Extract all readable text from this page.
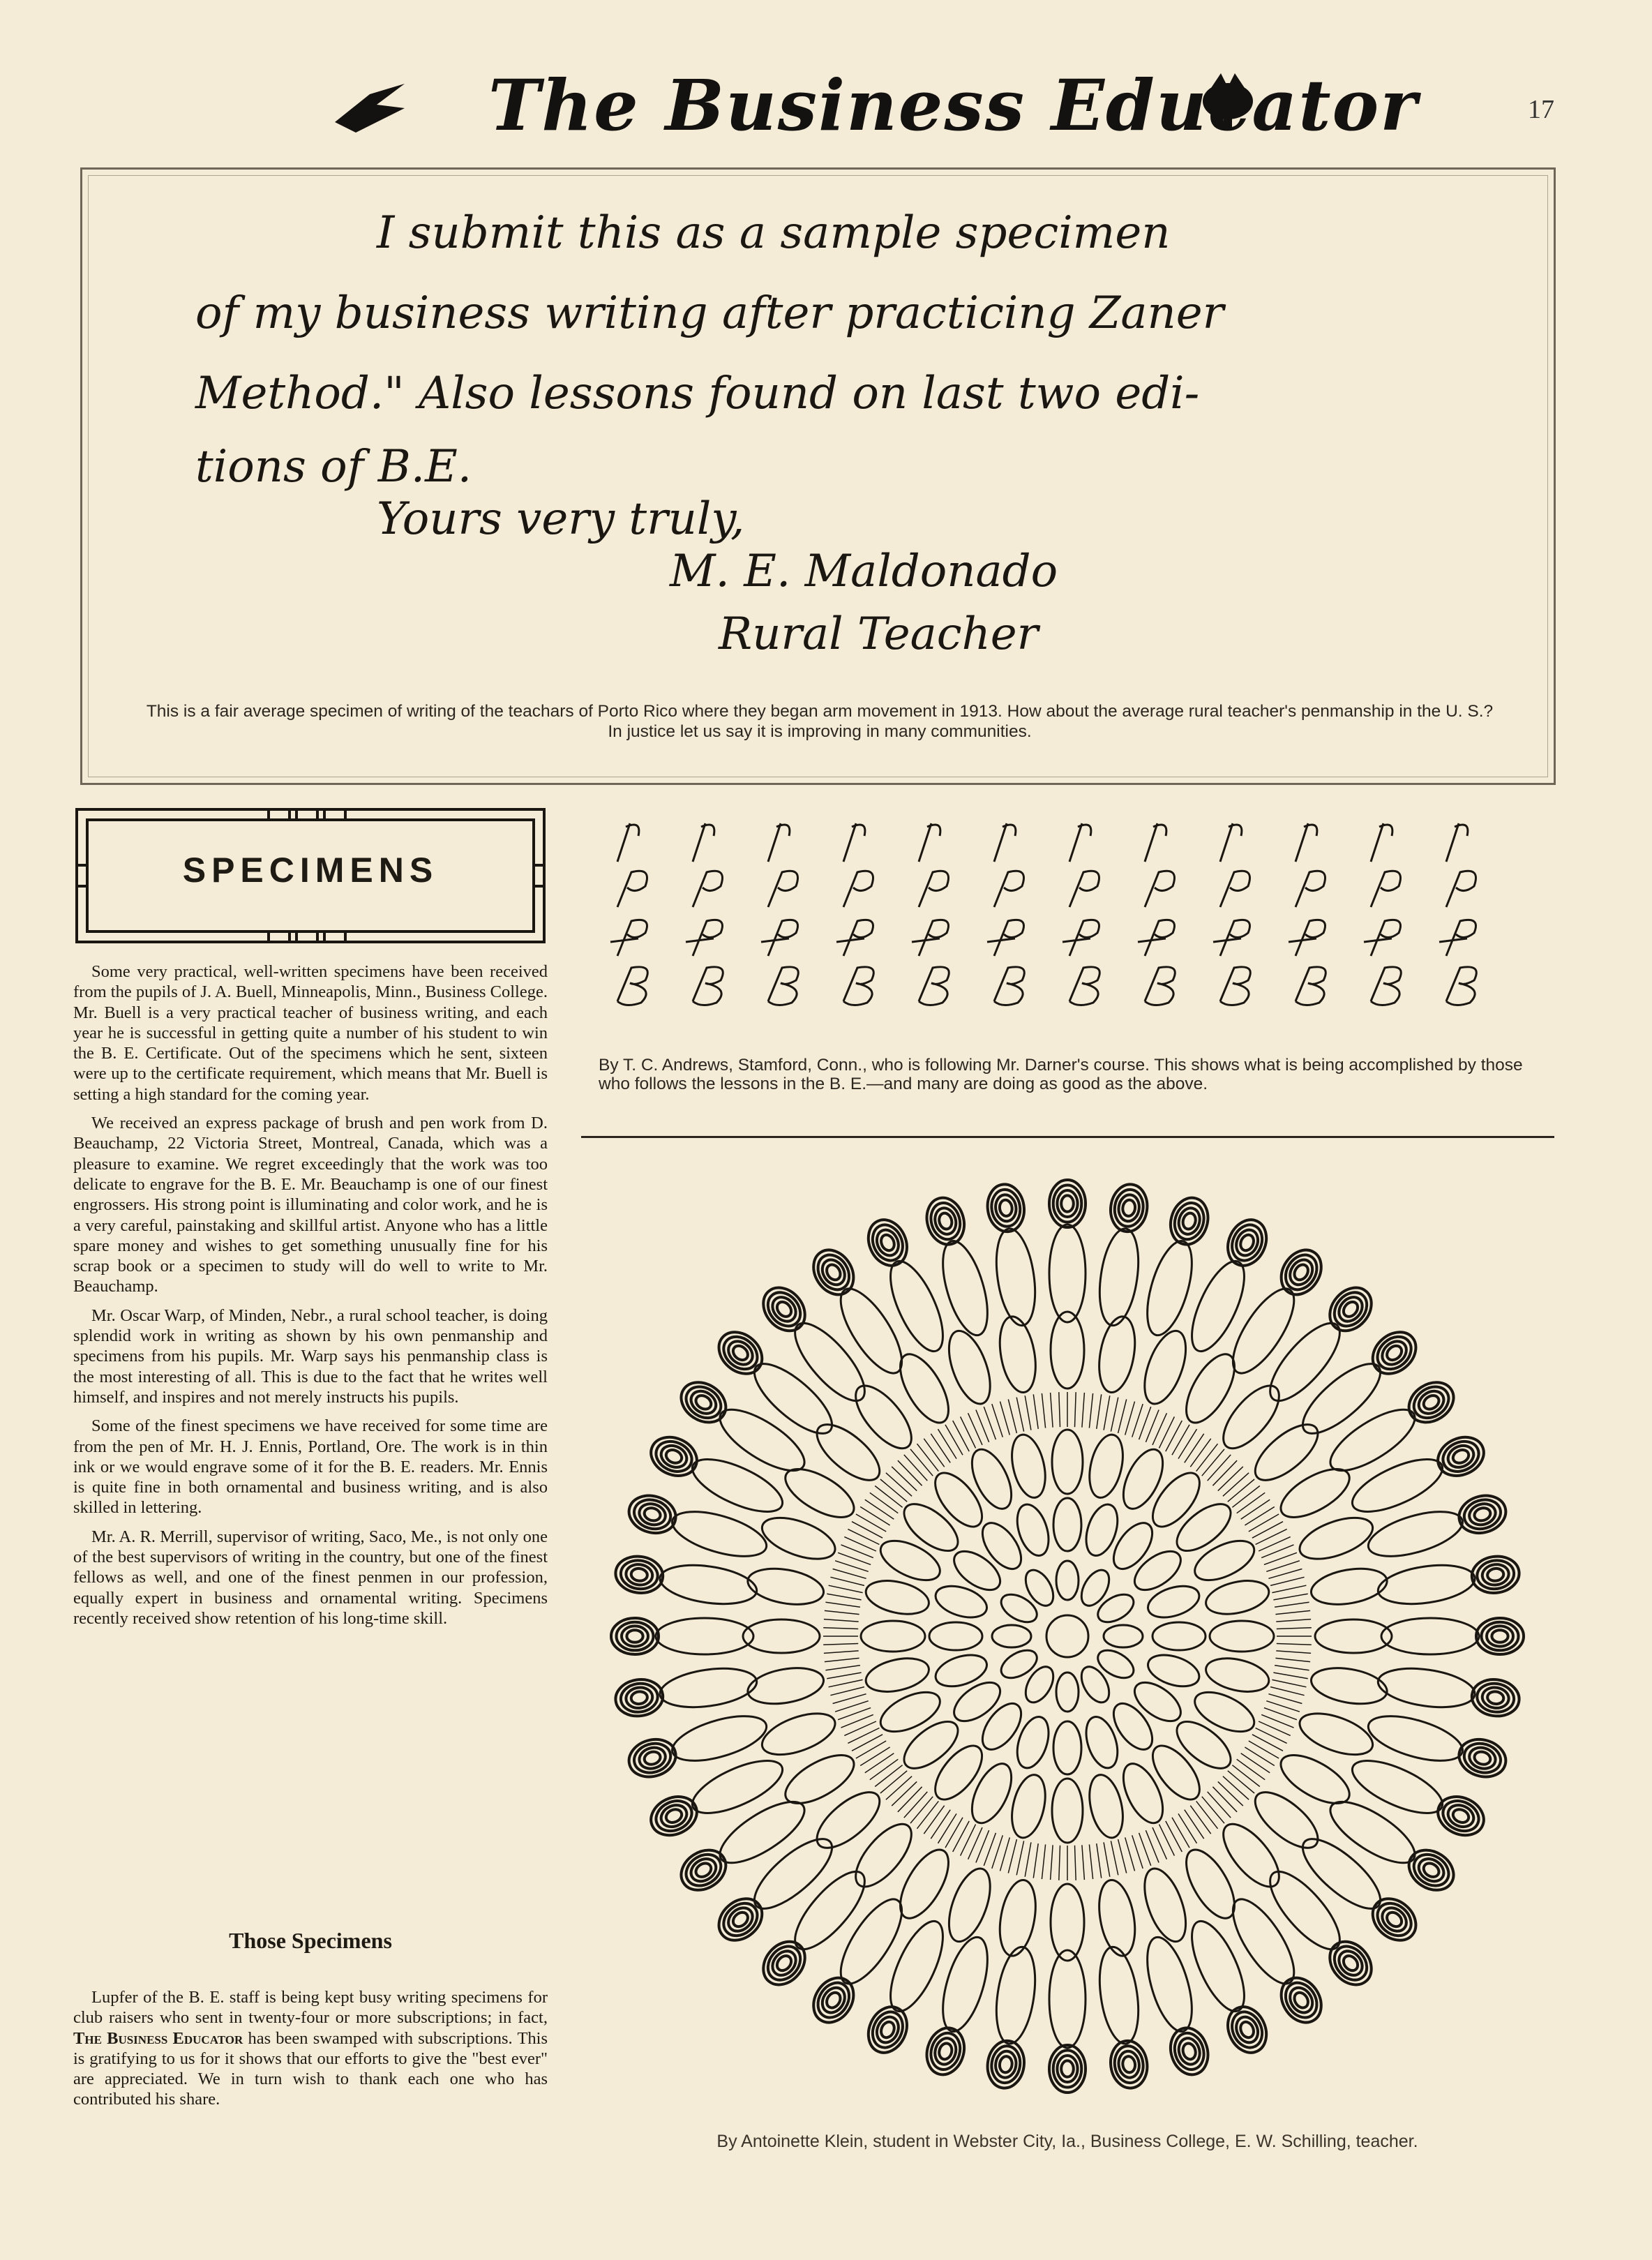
The Business Educator	17
I submit this as a sample specimen
of my business writing after practicing Zaner
Method." Also lessons found on last two edi-
tions of B.E.
Yours very truly,
M. E. Maldonado
Rural Teacher
This is a fair average specimen of writing of the teachars of Porto Rico where they began arm movement in 1913. How about the average rural teacher's penmanship in the U. S.? In justice let us say it is improving in many communities.
SPECIMENS

Some very practical, well-written specimens have been received from the pupils of J. A. Buell, Minneapolis, Minn., Business College. Mr. Buell is a very practical teacher of business writing, and each year he is successful in getting quite a number of his student to win the B. E. Certificate. Out of the specimens which he sent, sixteen were up to the certificate requirement, which means that Mr. Buell is setting a high standard for the coming year.

We received an express package of brush and pen work from D. Beauchamp, 22 Victoria Street, Montreal, Canada, which was a pleasure to examine. We regret exceedingly that the work was too delicate to engrave for the B. E. Mr. Beauchamp is one of our finest engrossers. His strong point is illuminating and color work, and he is a very careful, painstaking and skillful artist. Anyone who has a little spare money and wishes to get something unusually fine for his scrap book or a specimen to study will do well to write to Mr. Beauchamp.

Mr. Oscar Warp, of Minden, Nebr., a rural school teacher, is doing splendid work in writing as shown by his own penmanship and specimens from his pupils. Mr. Warp says his penmanship class is the most interesting of all. This is due to the fact that he writes well himself, and inspires and not merely instructs his pupils.

Some of the finest specimens we have received for some time are from the pen of Mr. H. J. Ennis, Portland, Ore. The work is in thin ink or we would engrave some of it for the B. E. readers. Mr. Ennis is quite fine in both ornamental and business writing, and is also skilled in lettering.

Mr. A. R. Merrill, supervisor of writing, Saco, Me., is not only one of the best supervisors of writing in the country, but one of the finest fellows as well, and one of the finest penmen in our profession, equally expert in business and ornamental writing. Specimens recently received show retention of his long-time skill.

Those Specimens

Lupfer of the B. E. staff is being kept busy writing specimens for club raisers who sent in twenty-four or more subscriptions; in fact, The Business Educator has been swamped with subscriptions. This is gratifying to us for it shows that our efforts to give the "best ever" are appreciated. We in turn wish to thank each one who has contributed his share.

By T. C. Andrews, Stamford, Conn., who is following Mr. Darner's course. This shows what is being accomplished by those who follows the lessons in the B. E.—and many are doing as good as the above.
By Antoinette Klein, student in Webster City, Ia., Business College, E. W. Schilling, teacher.
